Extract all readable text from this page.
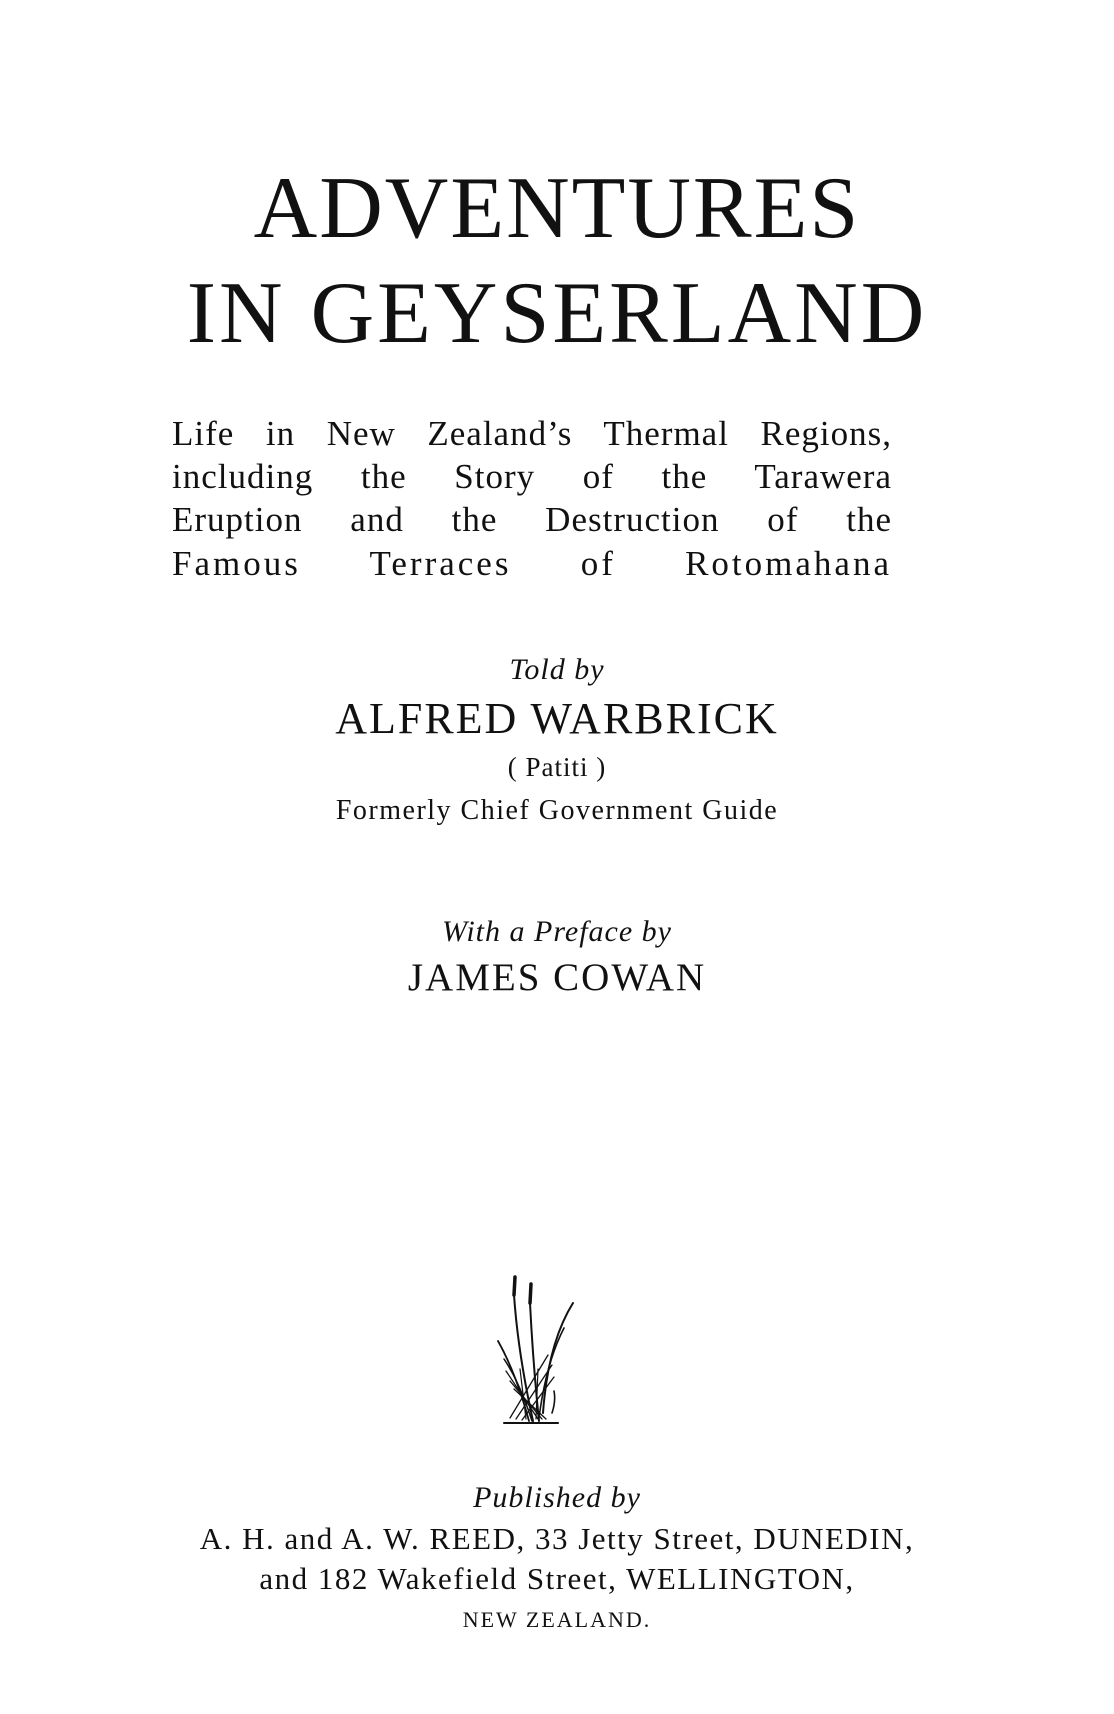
ADVENTURES
IN GEYSERLAND
Life in New Zealand’s Thermal Regions,
including the Story of the Tarawera
Eruption and the Destruction of the
Famous Terraces of Rotomahana
Told by
ALFRED WARBRICK
( Patiti )
Formerly Chief Government Guide
With a Preface by
JAMES COWAN
Published by
A. H. and A. W. REED, 33 Jetty Street, DUNEDIN,
and 182 Wakefield Street, WELLINGTON,
NEW ZEALAND.
